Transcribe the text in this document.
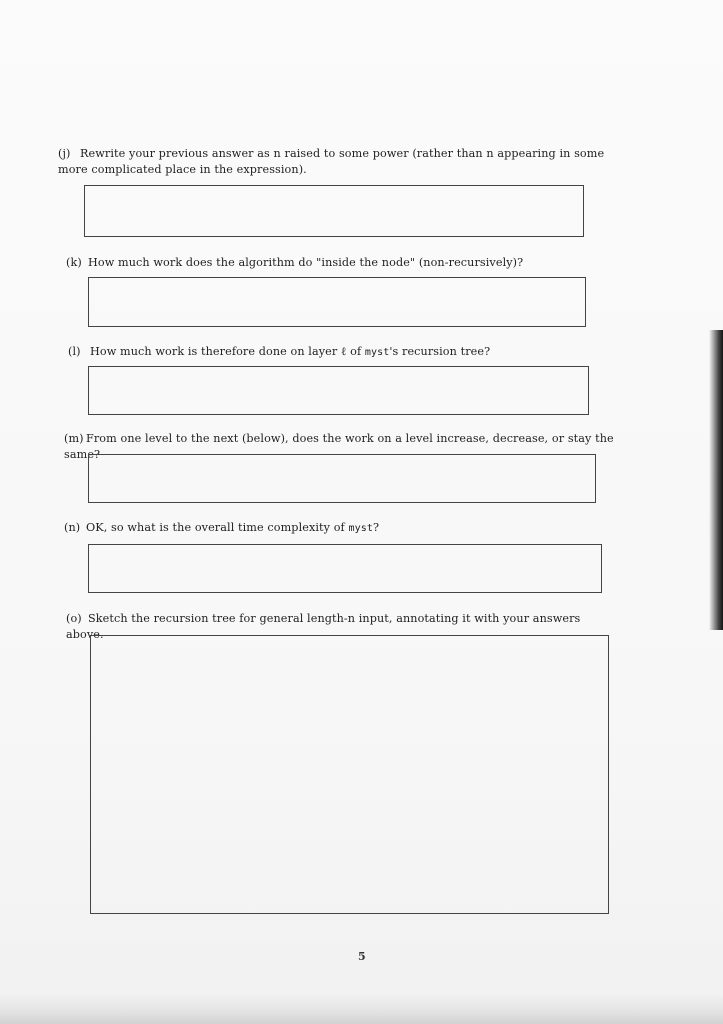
(j) Rewrite your previous answer as n raised to some power (rather than n appearing in some more complicated place in the expression).
(k) How much work does the algorithm do "inside the node" (non-recursively)?
(l) How much work is therefore done on layer ℓ of myst's recursion tree?
(m) From one level to the next (below), does the work on a level increase, decrease, or stay the same?
(n) OK, so what is the overall time complexity of myst?
(o) Sketch the recursion tree for general length-n input, annotating it with your answers above.
5
